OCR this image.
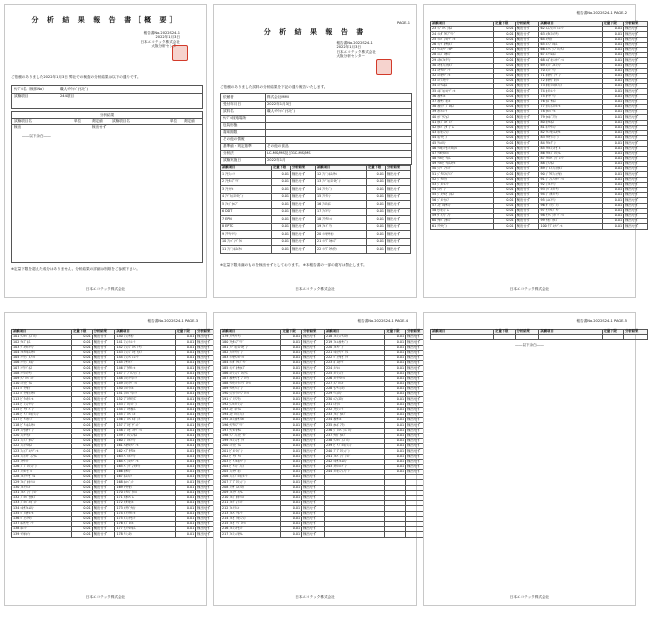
分 析 結 果 報 告 書［概 要］
報告書No.2022S24-1
2022年1月3日
日本エコテック株式会社
大阪分析センター
ご依頼のありました2022年1月3日 弊社での検査の分析結果は以下の通りです。
ｻﾝﾌﾟﾙ名（検体No）	職人ﾏｸﾗｲﾍﾞ(ﾓｽﾋﾞ)
試験項目	244項目
分析結果
試験項目名	単位	測定値	試験項目名	単位 測定値
検出	検出せず
――以下余白――
※定量下限を超えた成分はありません。分析結果の詳細は別紙をご参照下さい。
日本エコテック株式会社
PAGE-1
分 析 結 果 報 告 書
報告書No.2022S24-1
2022年1月3日
日本エコテック株式会社
大阪分析センター
ご依頼のありました試料の分析結果を下記の通り報告いたします。
依頼者	株式会社MMI
受付年月日	2022年1月3日
試料名	職人ﾏｸﾗｲﾍﾞ(ﾓｽﾋﾞ)
ｻﾝﾌﾟﾙ採取場所
包装形態
賞味期限
その他の情報
基準値・判定基準	その他の食品
分析法	LC-MS/MS及びGC-MS/MS
試験実施日	2022年1月
試験項目	定量下限	分析結果	試験項目	定量下限	分析結果
1 ｱｾﾌｪｰﾄ	0.01	検出せず	12 ｱｼﾞﾝﾎｽﾒﾁﾙ	0.01	検出せず
2 ｱｾﾀﾐﾌﾟﾘﾄﾞ	0.01	検出せず	13 ｱｿﾞｷｼｽﾄﾛﾋﾞﾝ	0.01	検出せず
3 ｱｾﾄﾁﾙ	0.01	検出せず	14 ｱﾄﾗｼﾞﾝ	0.01	検出せず
4 ｱｿﾞｷｼｽﾄﾛﾋﾞﾝ	0.01	検出せず	15 ｱﾄﾗﾄﾝ	0.01	検出せず
5 ｱﾙｼﾞｶﾙﾌﾞ	0.01	検出せず	16 ｱﾆﾛﾎｽ	0.01	検出せず
6 DDT	0.01	検出せず	17 ｱﾒﾄﾘﾝ	0.01	検出せず
7 EPN	0.01	検出せず	18 ｱﾗｸﾛｰﾙ	0.01	検出せず
8 EPTC	0.01	検出せず	19 ｱﾙﾄﾞﾘﾝ	0.01	検出せず
9 ｱｸﾘﾅﾄﾘﾝ	0.01	検出せず	20 ｲｿｷｻﾁｵﾝ	0.01	検出せず
10 ｱｼﾍﾞﾝｿﾞﾗﾙ	0.01	検出せず	21 ｲｿﾌﾟﾛｶﾙﾌﾞ	0.01	検出せず
11 ｱｼﾞﾝﾎｽｴﾁﾙ	0.01	検出せず	22 ｲｿﾌﾟﾛﾁｵﾗﾝ	0.01	検出せず
※定量下限未満のものを検出せずとしております。 ※本報告書の一部の複写は禁止します。
日本エコテック株式会社
報告書No.2022S24-1 PAGE-2
試験項目	定量下限	分析結果	試験項目	定量下限	分析結果
23 ｲﾌﾟﾛﾍﾞﾝﾎｽ	0.01	検出せず	62 ｴｽﾌｪﾝﾊﾞﾚﾚｰﾄ	0.01	検出せず
24 ｲﾐﾀﾞｸﾛﾌﾟﾘﾄﾞ	0.01	検出せず	63 ｴﾀﾙﾌﾙﾗﾘﾝ	0.01	検出せず
25 ｲﾐﾍﾞﾝｺﾅｿﾞｰﾙ	0.01	検出せず	64 ｴﾁｵﾝ	0.01	検出せず
26 ｲﾝﾄﾞｷｻｶﾙﾌﾞ	0.01	検出せず	65 ｴﾄﾌﾟﾛﾎｽ	0.01	検出せず
27 ｳﾆｺﾅｿﾞｰﾙP	0.01	検出せず	66 ｴﾄﾍﾞﾝﾌﾟﾛｯｸｽ	0.01	検出せず
28 ｴｽﾌﾟﾛｶﾙﾌﾞ	0.01	検出せず	67 ｴﾄﾘﾑﾎｽ	0.01	検出せず
29 ｴﾀﾙﾌﾙﾗﾘﾝ	0.01	検出せず	68 ｴﾎﾟｷｼｺﾅｿﾞｰﾙ	0.01	検出せず
30 ｴﾁｵﾌｪﾝｶﾙﾌﾞ	0.01	検出せず	69 ｴﾝﾄﾞｽﾙﾌｧﾝ	0.01	検出せず
31 ｴﾁｸﾛｿﾞｰﾄ	0.01	検出せず	70 ｴﾝﾄﾞﾘﾝ	0.01	検出せず
32 ｴﾄｷｻｿﾞｰﾙ	0.01	検出せず	71 ｵｷｻｼﾞｱｿﾞﾝ	0.01	検出せず
33 ｴﾄﾌﾒｾｰﾄ	0.01	検出せず	72 ｵｷｻｼﾞｷｼﾙ	0.01	検出せず
34 ｴﾄﾘﾑﾎｽ	0.01	検出せず	73 ｵｷｼﾌﾙｵﾙﾌｪﾝ	0.01	検出せず
35 ｴﾎﾟｷｼｺﾅｿﾞｰﾙ	0.01	検出せず	74 ｵﾒﾄｴｰﾄ	0.01	検出せず
36 ｵｷｻﾐﾙ	0.01	検出せず	75 ｵﾘｻﾞﾘﾝ	0.01	検出せず
37 ｵｷｻｼﾞｷｼﾙ	0.01	検出せず	76 ｶｽﾞｻﾎｽ	0.01	検出せず
38 ｵｷｼﾃﾞﾌﾟﾛﾎｽ	0.01	検出せず	77 ｶﾌｪﾝｽﾄﾛｰﾙ	0.01	検出せず
39 ｵﾒﾄｴｰﾄ	0.01	検出せず	78 ｶﾙﾊﾞﾘﾙ	0.01	検出せず
40 ｶﾄﾞｻﾌｫｽ	0.01	検出せず	79 ｶﾙﾎﾞﾌﾗﾝ	0.01	検出せず
41 ｶﾙﾌﾟﾛﾊﾟﾐﾄﾞ	0.01	検出せず	80 ｷﾅﾙﾎｽ	0.01	検出せず
42 ｶﾙﾍﾞﾝﾀﾞｼﾞﾑ	0.01	検出せず	81 ｷﾉｸﾗﾐﾝ	0.01	検出せず
43 ｷﾉｷｼﾌｪﾝ	0.01	検出せず	82 ｸﾚｿｷｼﾑﾒﾁﾙ	0.01	検出せず
44 ｷﾝﾄｾﾞﾝ	0.01	検出せず	83 ｸﾛﾁｱﾆｼﾞﾝ	0.01	検出せず
45 ｸﾐﾙﾛﾝ	0.01	検出せず	84 ｸﾛﾙﾃﾞﾝ	0.01	検出せず
46 ｸﾛｷﾝﾄｾｯﾄﾒｷｼﾙ	0.01	検出せず	85 ｸﾛﾙﾌｪﾅﾋﾟﾙ	0.01	検出せず
47 ｸﾛﾛﾀﾛﾆﾙ	0.01	検出せず	86 ｸﾛﾙﾌﾟﾛﾌｧﾑ	0.01	検出せず
48 ｸﾛﾙﾋﾟﾘﾎｽ	0.01	検出せず	87 ｸﾛﾛﾍﾞﾝｼﾞﾚｰﾄ	0.01	検出せず
49 ｸﾛﾙﾋﾟﾘﾎｽﾒﾁﾙ	0.01	検出せず	88 ｼｱﾉﾎｽ	0.01	検出せず
50 ｼｱｿﾞﾌｧﾐﾄﾞ	0.01	検出せず	89 ｼﾞｴﾄﾌｪﾝｶﾙﾌﾞ	0.01	検出せず
51 ｼﾞｸﾛﾌﾙｱﾆﾄﾞ	0.01	検出せず	90 ｼﾞｸﾛﾌｪﾝﾁｵﾝ	0.01	検出せず
52 ｼﾞｸﾛﾗﾝ	0.01	検出せず	91 ｼﾞﾌｪﾉｺﾅｿﾞｰﾙ	0.01	検出せず
53 ｼﾞﾒﾄｴｰﾄ	0.01	検出せず	92 ｼﾌﾙﾄﾘﾝ	0.01	検出せず
54 ｼﾏｼﾞﾝ	0.01	検出せず	93 ｼﾍﾟﾙﾒﾄﾘﾝ	0.01	検出せず
55 ｼﾞﾒﾁﾙﾋﾞﾝﾎｽ	0.01	検出せず	94 ｼﾞﾒﾀﾒﾄﾘﾝ	0.01	検出せず
56 ｼﾞﾒﾄﾓﾙﾌ	0.01	検出せず	95 ｼﾑｴﾄﾘﾝ	0.01	検出せず
57 ｽﾋﾟﾛｷｻﾐﾝ	0.01	検出せず	96 ﾀﾞｲｱｼﾞﾉﾝ	0.01	検出せず
58 ｾﾄｷｼｼﾞﾑ	0.01	検出せず	97 ﾁｱｸﾛﾌﾟﾘﾄﾞ	0.01	検出せず
59 ﾀﾞｲｱｼﾞﾉﾝ	0.01	検出せず	98 ﾁｱﾍﾞﾝﾀﾞｿﾞｰﾙ	0.01	検出せず
60 ﾁｵﾍﾞﾝｶﾙﾌﾞ	0.01	検出せず	99 ﾁｵｼﾞｶﾙﾌﾞ	0.01	検出せず
61 ﾃｸﾅｾﾞﾝ	0.01	検出せず	100 ﾃﾌﾞｺﾅｿﾞｰﾙ	0.01	検出せず
日本エコテック株式会社
報告書No.2022S24-1 PAGE-3
試験項目	定量下限	分析結果	試験項目	定量下限	分析結果
101 ﾃﾌﾙﾍﾞﾝｽﾞﾛﾝ	0.01	検出せず	140 ﾌｪﾝﾁｵﾝ	0.01	検出せず
102 ﾃﾙﾌﾞﾎｽ	0.01	検出せず	141 ﾌｪﾝﾄｴｰﾄ	0.01	検出せず
103 ﾃﾞﾙﾀﾒﾄﾘﾝ	0.01	検出せず	142 ﾌｪﾝﾌﾟﾛﾊﾟﾄﾘﾝ	0.01	検出せず
104 ﾄﾙｸﾛﾎｽﾒﾁﾙ	0.01	検出せず	143 ﾌｪﾝﾌﾟﾛﾋﾟﾓﾙﾌ	0.01	検出せず
105 ﾄﾘｱｼﾞﾒﾉｰﾙ	0.01	検出せず	144 ﾌｪﾝﾊﾞﾚﾚｰﾄ	0.01	検出せず
106 ﾄﾘｱｼﾞﾒﾎﾝ	0.01	検出せず	145 ﾌｻﾗｲﾄﾞ	0.01	検出せず
107 ﾄﾘｱｿﾞﾎｽ	0.01	検出せず	146 ﾌﾞﾀｸﾛｰﾙ	0.01	検出せず
108 ﾄﾘﾌﾙﾗﾘﾝ	0.01	検出せず	147 ﾌﾞﾌﾟﾛﾌｪｼﾞﾝ	0.01	検出せず
109 ﾅﾌﾟﾛﾊﾟﾐﾄﾞ	0.01	検出せず	148 ﾌﾙｼﾄﾘﾈｰﾄ	0.01	検出せず
110 ﾆﾃﾝﾋﾟﾗﾑ	0.01	検出せず	149 ﾌﾙｼﾗｿﾞｰﾙ	0.01	検出せず
111 ﾊﾟﾗﾁｵﾝ	0.01	検出せず	150 ﾌﾙﾄﾗﾆﾙ	0.01	検出せず
112 ﾊﾟﾗﾁｵﾝﾒﾁﾙ	0.01	検出せず	151 ﾌﾙﾊﾞﾘﾈｰﾄ	0.01	検出せず
113 ﾋﾞﾃﾙﾀﾉｰﾙ	0.01	検出せず	152 ﾌﾟﾛｸﾛﾗｽﾞ	0.01	検出せず
114 ﾋﾞﾌｪﾝﾄﾘﾝ	0.01	検出せず	153 ﾌﾟﾛｼﾐﾄﾞﾝ	0.01	検出せず
115 ﾋﾟﾘﾀﾞﾍﾞﾝ	0.01	検出せず	154 ﾌﾟﾛﾁｵﾎｽ	0.01	検出せず
116 ﾋﾟﾘﾌﾟﾛｷｼﾌｪﾝ	0.01	検出せず	155 ﾌﾟﾛﾊﾟﾆﾙ	0.01	検出せず
117 ﾋﾟﾘﾐｶｰﾌﾞ	0.01	検出せず	156 ﾌﾟﾛﾊﾟﾙｷﾞｯﾄ	0.01	検出せず
118 ﾋﾟﾘﾐﾎｽﾒﾁﾙ	0.01	検出せず	157 ﾌﾟﾛﾋﾟｻﾞﾐﾄﾞ	0.01	検出せず
119 ﾌｧﾓｷｻﾄﾞﾝ	0.01	検出せず	158 ﾌﾟﾛﾋﾟｺﾅｿﾞｰﾙ	0.01	検出せず
120 ﾌｪﾅﾘﾓﾙ	0.01	検出せず	159 ﾌﾟﾛﾌｪﾉﾎｽ	0.01	検出せず
121 ﾌｪﾉﾌﾞｶﾙﾌﾞ	0.01	検出せず	160 ﾌﾟﾛﾒﾄﾘﾝ	0.01	検出せず
122 ﾌｪﾝｸﾛﾎｽ	0.01	検出せず	161 ﾍｷｻｺﾅｿﾞｰﾙ	0.01	検出せず
123 ﾌｪﾝﾌﾞｺﾅｿﾞｰﾙ	0.01	検出せず	162 ﾍﾌﾟﾀｸﾛﾙ	0.01	検出せず
124 ﾌｪﾝﾒﾃﾞｨﾌｧﾑ	0.01	検出せず	163 ﾍﾟﾙﾒﾄﾘﾝ	0.01	検出せず
125 ﾌｻﾗｲﾄﾞ	0.01	検出せず	164 ﾍﾟﾝｺﾅｿﾞｰﾙ	0.01	検出せず
126 ﾌﾞﾌﾟﾛﾌｪｼﾞﾝ	0.01	検出せず	165 ﾍﾟﾝﾃﾞｨﾒﾀﾘﾝ	0.01	検出せず
127 ﾌﾗﾒﾄﾋﾟﾙ	0.01	検出せず	166 ﾎｻﾛﾝ	0.01	検出せず
128 ﾌﾙｱｸﾘﾋﾟﾘﾑ	0.01	検出せず	167 ﾎｽﾒｯﾄ	0.01	検出せず
129 ﾌﾙｼﾞｵｷｿﾆﾙ	0.01	検出せず	168 ﾎﾙﾍﾟｯﾄ	0.01	検出せず
130 ﾌﾙﾄﾗﾆﾙ	0.01	検出せず	169 ﾏﾗﾁｵﾝ	0.01	検出せず
131 ﾌﾙﾍﾞﾝｼﾞｱﾐﾄﾞ	0.01	検出せず	170 ﾐｸﾛﾌﾞﾀﾆﾙ	0.01	検出せず
132 ﾌﾟﾛﾊﾟﾓｶﾙﾌﾞ	0.01	検出せず	171 ﾒｶﾙﾊﾞﾑ	0.01	検出せず
133 ﾌﾟﾛﾊﾟﾙｷﾞｯﾄ	0.01	検出せず	172 ﾒﾀﾗｷｼﾙ	0.01	検出せず
134 ﾍｷｻﾌﾙﾑﾛﾝ	0.01	検出せず	173 ﾒﾁﾀﾞﾁｵﾝ	0.01	検出せず
135 ﾍﾞﾉｷｻｺｰﾙ	0.01	検出せず	174 ﾒﾄﾗｸﾛｰﾙ	0.01	検出せず
136 ﾍﾟﾝｼｸﾛﾝ	0.01	検出せず	175 ﾒﾌｪﾅｾｯﾄ	0.01	検出せず
137 ﾎｽﾁｱｾﾞｰﾄ	0.01	検出せず	176 ﾒﾌﾟﾛﾆﾙ	0.01	検出せず
138 ﾎﾚｰﾄ	0.01	検出せず	177 ﾓﾉｸﾛﾄﾎｽ	0.01	検出せず
139 ﾏﾗｵｷｿﾝ	0.01	検出せず	178 ﾘﾆｭﾛﾝ	0.01	検出せず
日本エコテック株式会社
報告書No.2022S24-1 PAGE-4
試験項目	定量下限	分析結果	試験項目	定量下限	分析結果
179 ｱｸﾘﾅﾄﾘﾝ	0.01	検出せず	218 ﾌﾙﾌｪﾉｸｽﾛﾝ	0.01	検出せず
180 ｱｾﾀﾐﾌﾟﾘﾄﾞ	0.01	検出せず	219 ﾌﾙﾐｵｷｻｼﾞﾝ	0.01	検出せず
181 ｱｿﾞｷｼｽﾄﾛﾋﾞﾝ	0.01	検出せず	220 ﾌﾙﾘﾄﾞﾝ	0.01	検出せず
182 ｱﾒﾄｸﾗｼﾞﾝ	0.01	検出せず	221 ﾍｷｼﾁｱｿﾞｸｽ	0.01	検出せず
183 ｲｿｷｻﾌﾙﾄｰﾙ	0.01	検出せず	222 ﾍﾟﾝﾁｵﾋﾟﾗﾄﾞ	0.01	検出せず
184 ｲﾐﾀﾞｸﾛﾌﾟﾘﾄﾞ	0.01	検出せず	223 ﾎﾞｽｶﾘﾄﾞ	0.01	検出せず
185 ｲﾝﾄﾞｷｻｶﾙﾌﾞ	0.01	検出せず	224 ﾒｿﾐﾙ	0.01	検出せず
186 ｴﾃﾌｪﾝﾌﾟﾛｯｸｽ	0.01	検出せず	225 ﾒﾄﾌｪﾉﾝ	0.01	検出せず
187 ｵｷｻﾁｱﾋﾟﾌﾟﾛﾘﾝ	0.01	検出せず	226 ﾒﾄﾗｸﾛｰﾙ	0.01	検出せず
188 ｸﾛﾗﾝﾄﾗﾆﾘﾌﾟﾛｰﾙ	0.01	検出せず	227 ﾒﾌﾟﾛﾆﾙ	0.01	検出せず
189 ｸﾛﾁｱﾆｼﾞﾝ	0.01	検出せず	228 ﾓﾉﾘﾆｭﾛﾝ	0.01	検出せず
190 ｼｱﾝﾄﾗﾆﾘﾌﾟﾛｰﾙ	0.01	検出せず	229 ﾘﾆｭﾛﾝ	0.01	検出せず
191 ｼﾞﾉﾃﾌﾗﾝ	0.01	検出せず	230 ﾙﾌｪﾇﾛﾝ	0.01	検出せず
192 ｼﾌﾙﾒﾄﾌｪﾝ	0.01	検出せず	231 ﾚﾅｼﾙ	0.01	検出せず
193 ｽﾋﾟﾈﾄﾗﾑ	0.01	検出せず	232 ｱｾﾌｪｰﾄ	0.01	検出せず
194 ｽﾋﾟﾛﾒｼﾌｪﾝ	0.01	検出せず	233 ｱﾙｼﾞｶﾙﾌﾞ	0.01	検出せず
195 ｽﾙﾌｫｷｻﾌﾛﾙ	0.01	検出せず	234 ｵｷｻﾐﾙ	0.01	検出せず
196 ﾁｱｸﾛﾌﾟﾘﾄﾞ	0.01	検出せず	235 ｶﾙﾎﾞﾌﾗﾝ	0.01	検出せず
197 ﾁｱﾒﾄｷｻﾑ	0.01	検出せず	236 ｼﾞﾌﾙﾍﾞﾝｽﾞﾛﾝ	0.01	検出せず
198 ﾃﾌﾞﾌｪﾝﾋﾟﾗﾄﾞ	0.01	検出せず	237 ﾁｵｼﾞｶﾙﾌﾞ	0.01	検出せず
199 ﾄﾙﾌｪﾝﾋﾟﾗﾄﾞ	0.01	検出せず	238 ﾃﾌﾙﾍﾞﾝｽﾞﾛﾝ	0.01	検出せず
200 ﾆﾃﾝﾋﾟﾗﾑ	0.01	検出せず	239 ﾋﾟﾘﾌﾟﾛｷｼﾌｪﾝ	0.01	検出せず
201 ﾋﾟﾒﾄﾛｼﾞﾝ	0.01	検出せず	240 ﾌﾞﾌﾟﾛﾌｪｼﾞﾝ	0.01	検出せず
202 ﾋﾟﾘﾀﾞﾘﾙ	0.01	検出せず	241 ﾌﾙﾍﾞﾝｼﾞｱﾐﾄﾞ	0.01	検出せず
203 ﾋﾟﾘﾌﾙｷﾅｿﾞﾝ	0.01	検出せず	242 ﾍｷｻﾌﾙﾑﾛﾝ	0.01	検出せず
204 ﾋﾟﾘﾐｼﾞﾌｪﾝ	0.01	検出せず	243 ﾒﾀﾌﾙﾐｿﾞﾝ	0.01	検出せず
205 ﾌｪﾅｻﾞｷﾝ	0.01	検出せず	244 ﾒﾄｷｼﾌｪﾉｼﾞﾄﾞ	0.01	検出せず
206 ﾌｪﾝﾌﾟﾛｷｼﾒｰﾄ	0.01	検出せず			
207 ﾌﾞﾌﾟﾛﾌｪｼﾞﾝ	0.01	検出せず			
208 ﾌﾗｻﾞｽﾙﾌﾛﾝ	0.01	検出せず			
209 ﾌﾙｱｻﾞｲﾅﾑ	0.01	検出せず			
210 ﾌﾙｼﾞｵｷｿﾆﾙ	0.01	検出せず			
211 ﾌﾙﾃﾞｨｱﾐﾄﾞ	0.01	検出せず			
212 ﾌﾙﾄﾗﾆﾙ	0.01	検出せず			
213 ﾌﾙﾊﾞﾘﾈｰﾄ	0.01	検出せず			
214 ﾌﾙﾋﾟﾗｷｼﾌｪﾝ	0.01	検出せず			
215 ﾌﾙﾋﾟﾘﾌﾟﾛｰﾙ	0.01	検出せず			
216 ﾌﾙﾌｪﾅｾｯﾄ	0.01	検出せず			
217 ﾌﾙﾌｪﾉｷｻﾑ	0.01	検出せず			
日本エコテック株式会社
報告書No.2022S24-1 PAGE-5
試験項目	定量下限	分析結果	試験項目	定量下限	分析結果

――以下余白――
日本エコテック株式会社
